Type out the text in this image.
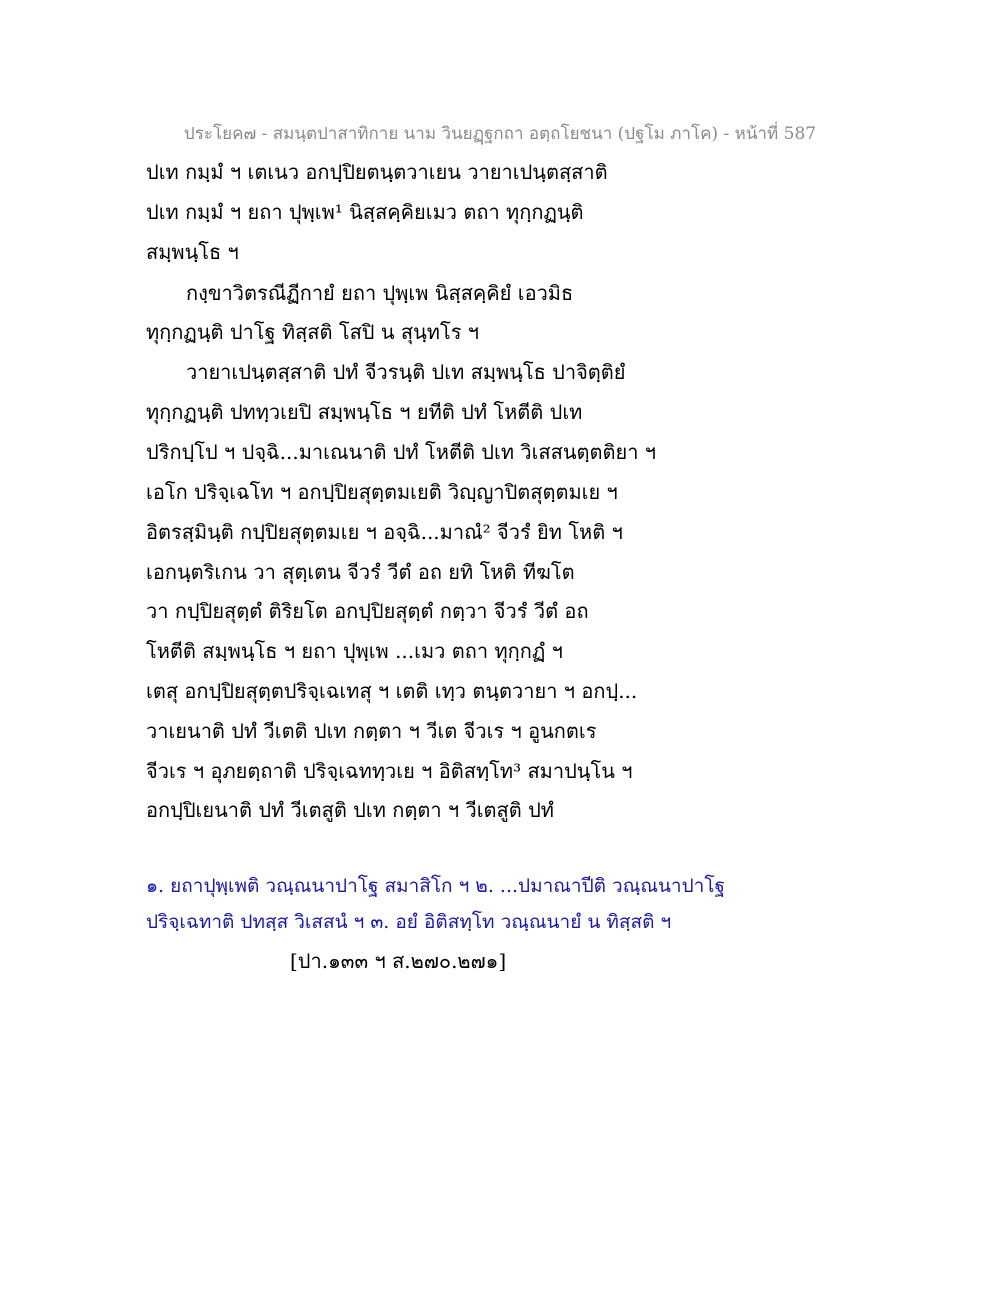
ประโยค๗ - สมนฺตปาสาทิกาย นาม วินยฏฺฐกถา อตฺถโยชนา (ปฐโม ภาโค) - หน้าที่ 587
ปเท กมฺมํ ฯ เตเนว อกปฺปิยตนฺตวาเยน วายาเปนฺตสฺสาติ
ปเท กมฺมํ ฯ ยถา ปุพฺเพ¹ นิสฺสคฺคิยเมว ตถา ทุกฺกฏนฺติ
สมฺพนฺโธ ฯ
กงฺขาวิตรณีฏีกายํ ยถา ปุพฺเพ นิสฺสคฺคิยํ เอวมิธ
ทุกฺกฏนฺติ ปาโฐ ทิสฺสติ โสปิ น สุนฺทโร ฯ
วายาเปนฺตสฺสาติ ปทํ จีวรนฺติ ปเท สมฺพนฺโธ ปาจิตฺติยํ
ทุกฺกฏนฺติ ปททฺวเยปิ สมฺพนฺโธ ฯ ยทีติ ปทํ โหตีติ ปเท
ปริกปฺโป ฯ ปจฺฉิ...มาเณนาติ ปทํ โหตีติ ปเท วิเสสนตฺตติยา ฯ
เอโก ปริจฺเฉโท ฯ อกปฺปิยสุตฺตมเยติ วิญฺญาปิตสุตฺตมเย ฯ
อิตรสฺมินฺติ กปฺปิยสุตฺตมเย ฯ อจฺฉิ...มาณํ² จีวรํ ยิท โหติ ฯ
เอกนฺตริเกน วา สุตฺเตน จีวรํ วีตํ อถ ยทิ โหติ ทีฆโต
วา กปฺปิยสุตฺตํ ติริยโต อกปฺปิยสุตฺตํ กตฺวา จีวรํ วีตํ อถ
โหตีติ สมฺพนฺโธ ฯ ยถา ปุพฺเพ ...เมว ตถา ทุกฺกฏํ ฯ
เตสุ อกปฺปิยสุตฺตปริจฺเฉเทสุ ฯ เตติ เทฺว ตนฺตวายา ฯ อกปฺ...
วาเยนาติ ปทํ วีเตติ ปเท กตฺตา ฯ วีเต จีวเร ฯ อูนกตเร
จีวเร ฯ อุภยตฺถาติ ปริจฺเฉททฺวเย ฯ อิติสทฺโท³ สมาปนฺโน ฯ
อกปฺปิเยนาติ ปทํ วีเตสูติ ปเท กตฺตา ฯ วีเตสูติ ปทํ
๑. ยถาปุพฺเพติ วณฺณนาปาโฐ สมาสิโก ฯ ๒. ...ปมาณาปีติ วณฺณนาปาโฐ
ปริจฺเฉทาติ ปทสฺส วิเสสนํ ฯ ๓. อยํ อิติสทฺโท วณฺณนายํ น ทิสฺสติ ฯ
[ปา.๑๓๓ ฯ ส.๒๗๐.๒๗๑]
